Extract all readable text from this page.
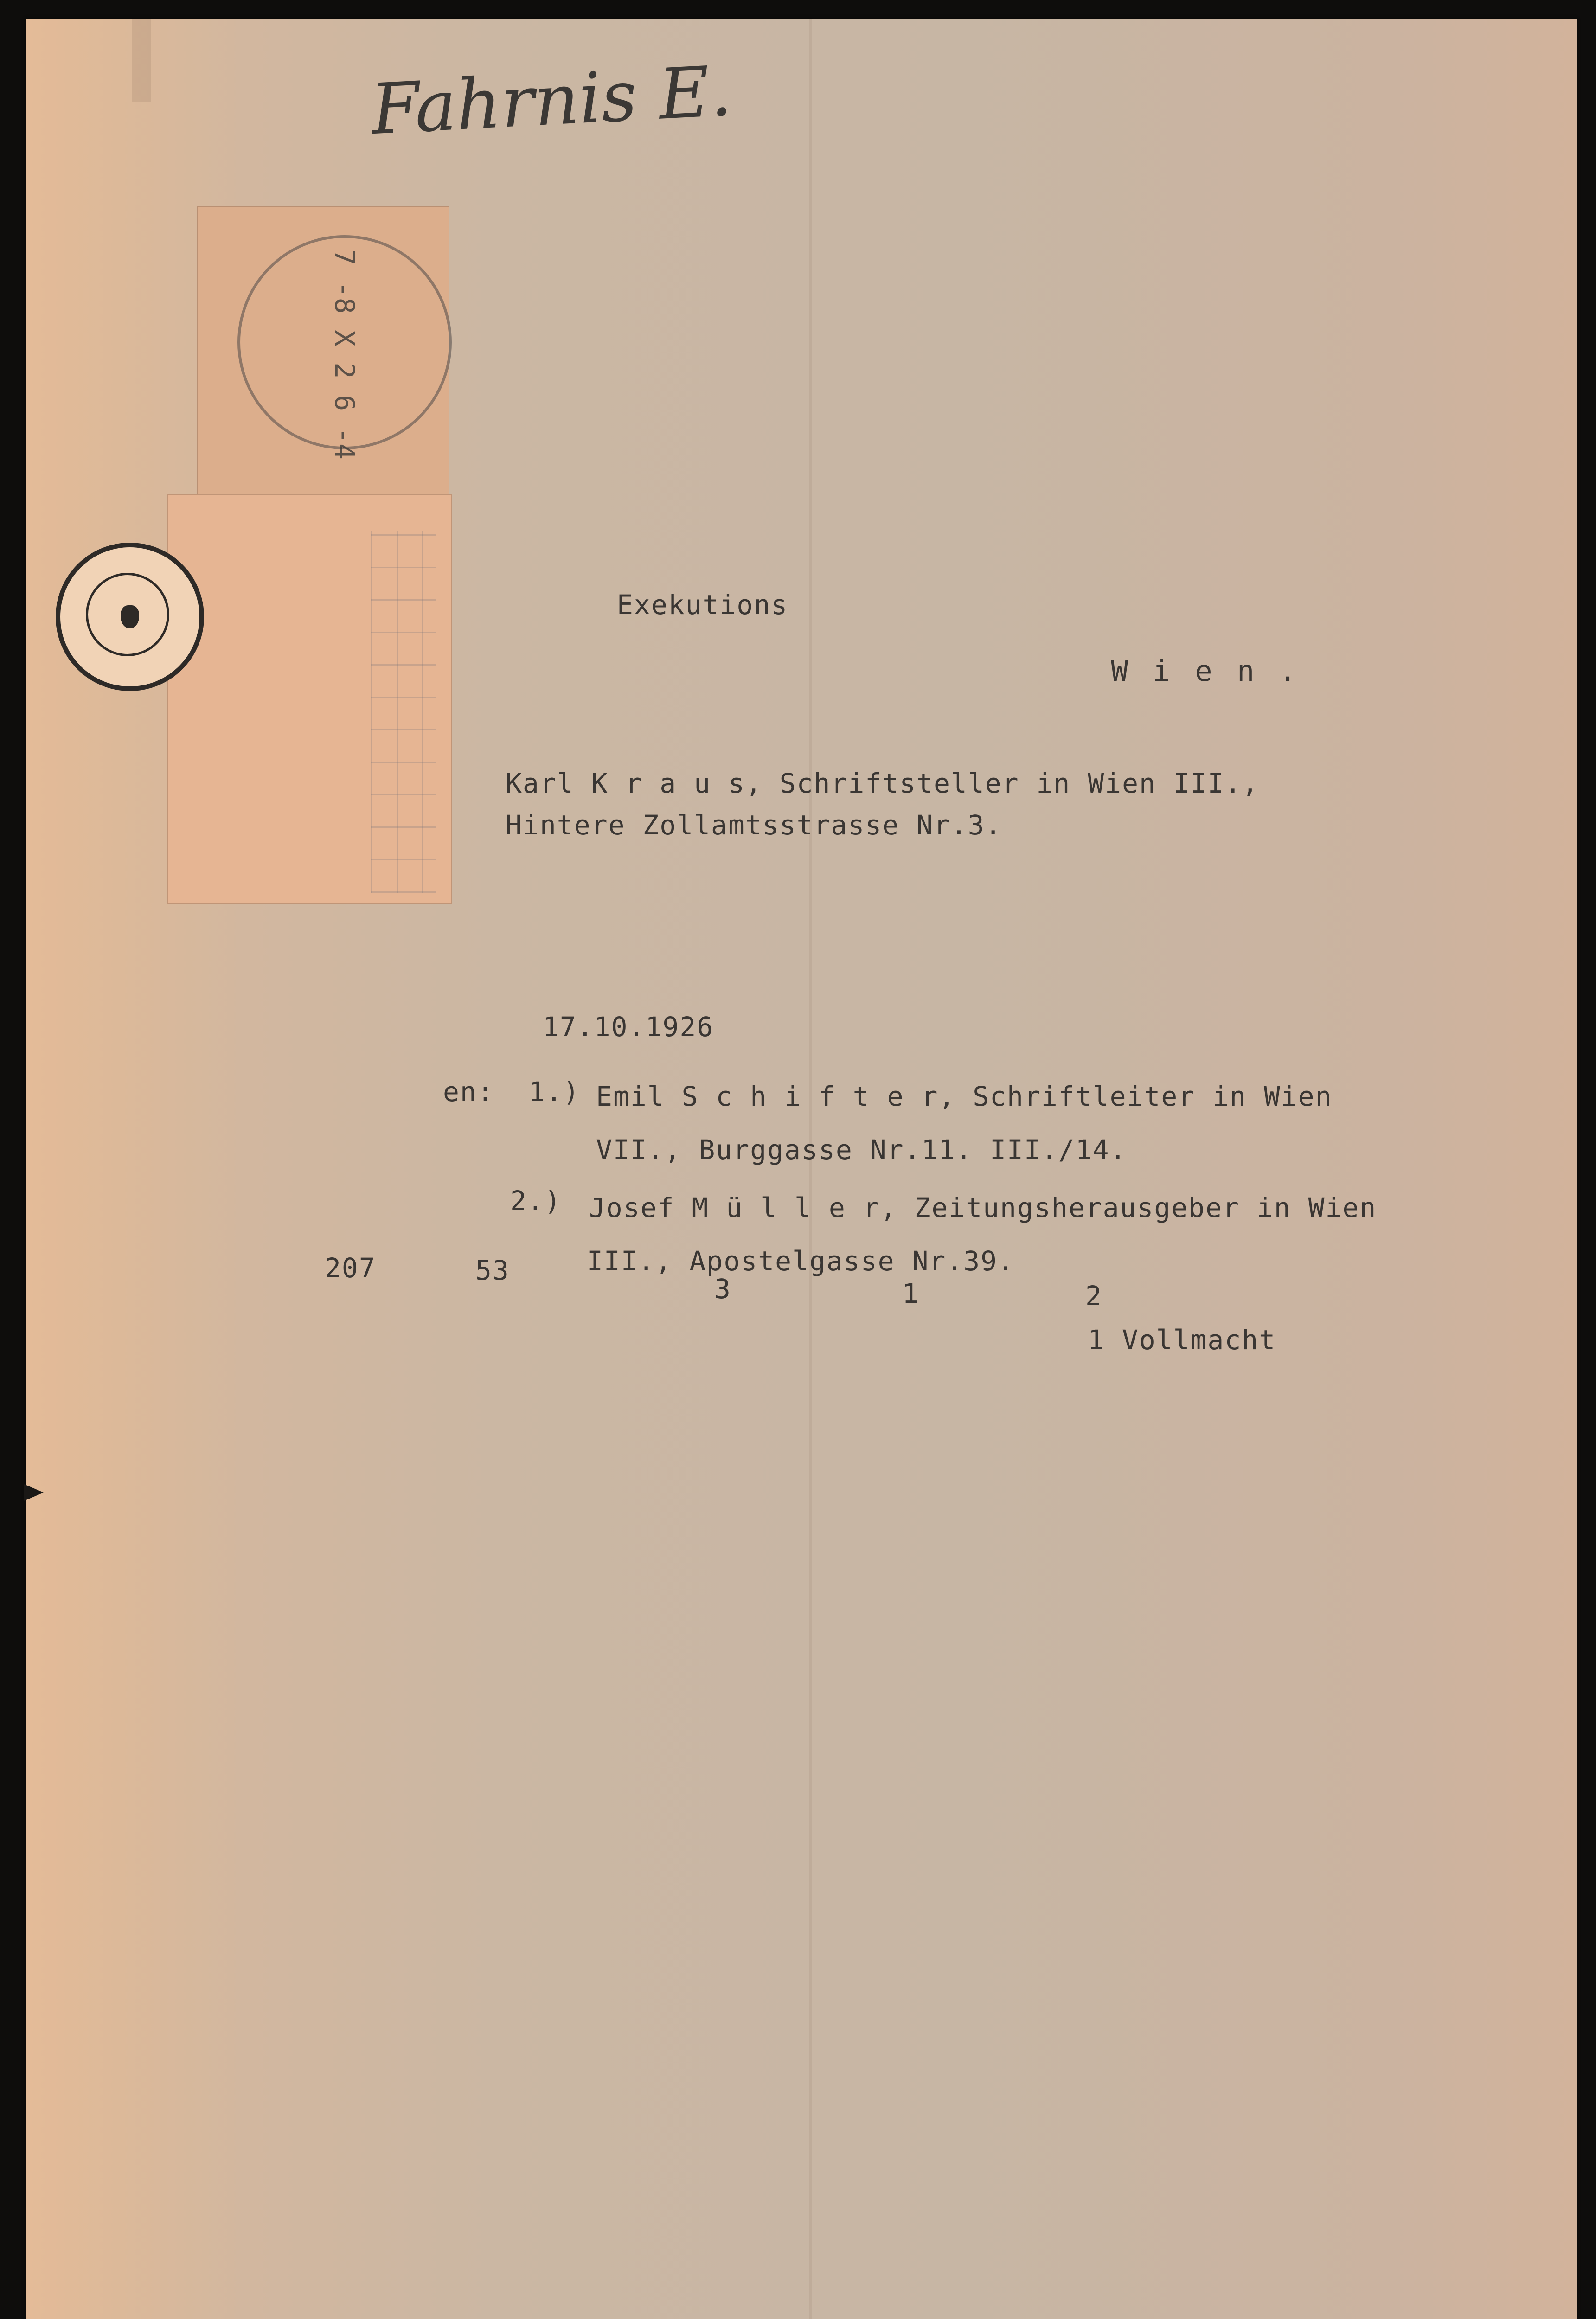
Fahrnis E.
7 -8 X 2 6 -4
Exekutions
W i e n .
Karl K r a u s, Schriftsteller in Wien III.,
Hintere Zollamtsstrasse Nr.3.
17.10.1926
en: 1.) Emil S c h i f t e r, Schriftleiter in Wien
VII., Burggasse Nr.11. III./14.
2.) Josef M ü l l e r, Zeitungsherausgeber in Wien
III., Apostelgasse Nr.39.
207	53
3	1	2
1 Vollmacht
